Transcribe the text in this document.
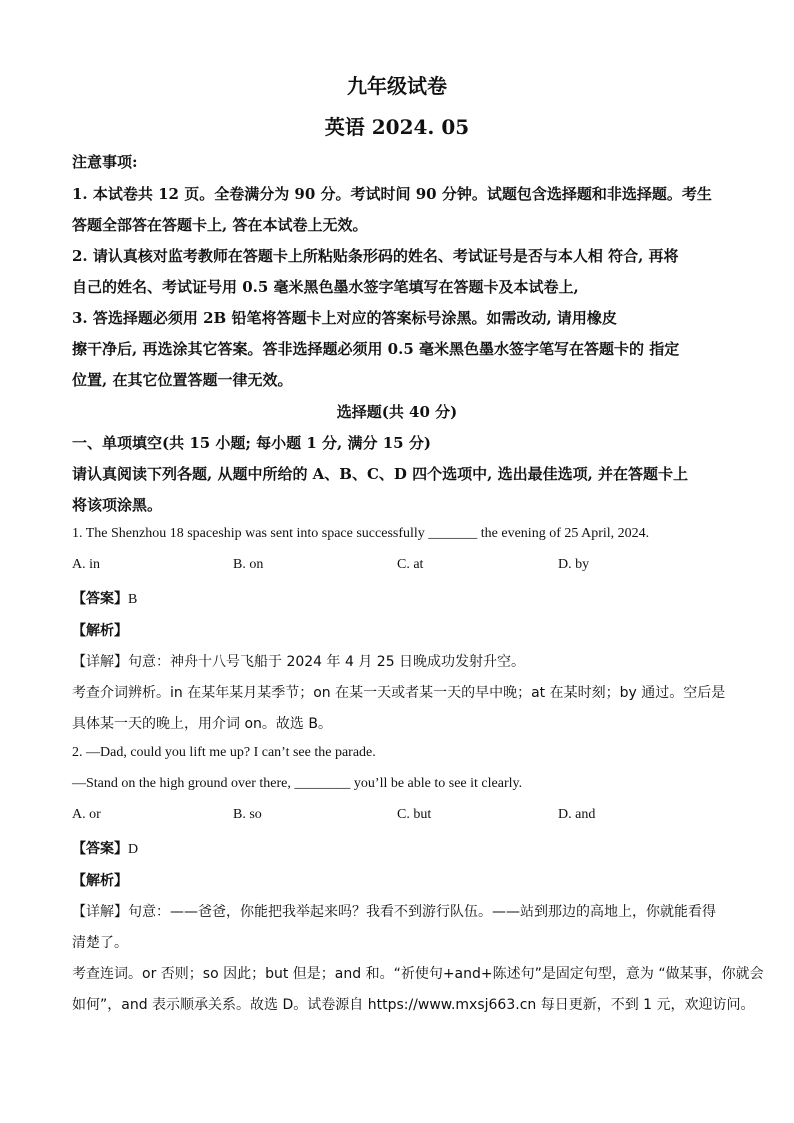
九年级试卷
英语 2024. 05
注意事项:
1. 本试卷共 12 页。全卷满分为 90 分。考试时间 90 分钟。试题包含选择题和非选择题。考生
答题全部答在答题卡上, 答在本试卷上无效。
2. 请认真核对监考教师在答题卡上所粘贴条形码的姓名、考试证号是否与本人相 符合, 再将
自己的姓名、考试证号用 0.5 毫米黑色墨水签字笔填写在答题卡及本试卷上,
3. 答选择题必须用 2B 铅笔将答题卡上对应的答案标号涂黑。如需改动, 请用橡皮
擦干净后, 再选涂其它答案。答非选择题必须用 0.5 毫米黑色墨水签字笔写在答题卡的 指定
位置, 在其它位置答题一律无效。
选择题(共 40 分)
一、单项填空(共 15 小题; 每小题 1 分, 满分 15 分)
请认真阅读下列各题, 从题中所给的 A、B、C、D 四个选项中, 选出最佳选项, 并在答题卡上
将该项涂黑。
1. The Shenzhou 18 spaceship was sent into space successfully _______ the evening of 25 April, 2024.
A. in	B. on	C. at	D. by
【答案】B
【解析】
【详解】句意：神舟十八号飞船于 2024 年 4 月 25 日晚成功发射升空。
考查介词辨析。in 在某年某月某季节；on 在某一天或者某一天的早中晚；at 在某时刻；by 通过。空后是
具体某一天的晚上，用介词 on。故选 B。
2. —Dad, could you lift me up? I can’t see the parade.
—Stand on the high ground over there, ________ you’ll be able to see it clearly.
A. or	B. so	C. but	D. and
【答案】D
【解析】
【详解】句意：——爸爸，你能把我举起来吗？我看不到游行队伍。——站到那边的高地上，你就能看得
清楚了。
考查连词。or 否则；so 因此；but 但是；and 和。“祈使句+and+陈述句”是固定句型，意为 “做某事，你就会
如何”，and 表示顺承关系。故选 D。试卷源自 https://www.mxsj663.cn 每日更新，不到 1 元，欢迎访问。
